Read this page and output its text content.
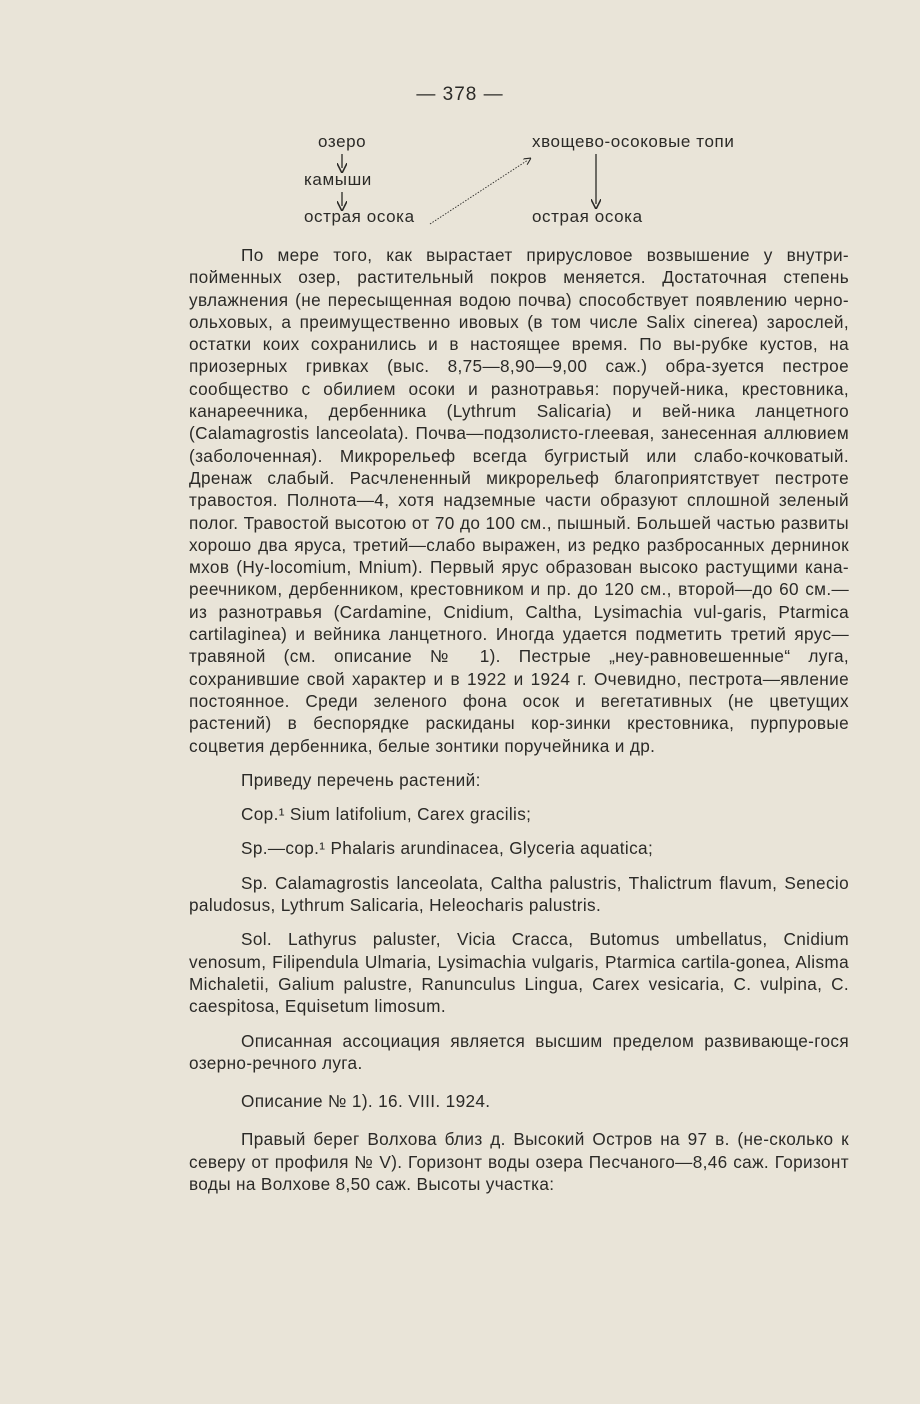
— 378 —
озеро
камыши
острая осока
хвощево-осоковые топи
острая осока

По мере того, как вырастает прирусловое возвышение у внутри-пойменных озер, растительный покров меняется. Достаточная степень увлажнения (не пересыщенная водою почва) способствует появлению черно-ольховых, а преимущественно ивовых (в том числе Salix cinerea) зарослей, остатки коих сохранились и в настоящее время. По вы-рубке кустов, на приозерных гривках (выс. 8,75—8,90—9,00 саж.) обра-зуется пестрое сообщество с обилием осоки и разнотравья: поручей-ника, крестовника, канареечника, дербенника (Lythrum Salicaria) и вей-ника ланцетного (Calamagrostis lanceolata). Почва—подзолисто-глеевая, занесенная аллювием (заболоченная). Микрорельеф всегда бугристый или слабо-кочковатый. Дренаж слабый. Расчлененный микрорельеф благоприятствует пестроте травостоя. Полнота—4, хотя надземные части образуют сплошной зеленый полог. Травостой высотою от 70 до 100 см., пышный. Большей частью развиты хорошо два яруса, третий—слабо выражен, из редко разбросанных дернинок мхов (Hy-locomium, Mnium). Первый ярус образован высоко растущими кана-реечником, дербенником, крестовником и пр. до 120 см., второй—до 60 см.—из разнотравья (Cardamine, Cnidium, Caltha, Lysimachia vul-garis, Ptarmica cartilaginea) и вейника ланцетного. Иногда удается подметить третий ярус—травяной (см. описание № 1). Пестрые „неу-равновешенные“ луга, сохранившие свой характер и в 1922 и 1924 г. Очевидно, пестрота—явление постоянное. Среди зеленого фона осок и вегетативных (не цветущих растений) в беспорядке раскиданы кор-зинки крестовника, пурпуровые соцветия дербенника, белые зонтики поручейника и др.

Приведу перечень растений:

Cop.¹ Sium latifolium, Carex gracilis;

Sp.—cop.¹ Phalaris arundinacea, Glyceria aquatica;

Sp. Calamagrostis lanceolata, Caltha palustris, Thalictrum flavum, Senecio paludosus, Lythrum Salicaria, Heleocharis palustris.

Sol. Lathyrus paluster, Vicia Cracca, Butomus umbellatus, Cnidium venosum, Filipendula Ulmaria, Lysimachia vulgaris, Ptarmica cartila-gonea, Alisma Michaletii, Galium palustre, Ranunculus Lingua, Carex vesicaria, C. vulpina, C. caespitosa, Equisetum limosum.

Описанная ассоциация является высшим пределом развивающе-гося озерно-речного луга.

Описание № 1). 16. VIII. 1924.

Правый берег Волхова близ д. Высокий Остров на 97 в. (не-сколько к северу от профиля № V). Горизонт воды озера Песчаного—8,46 саж. Горизонт воды на Волхове 8,50 саж. Высоты участка:
